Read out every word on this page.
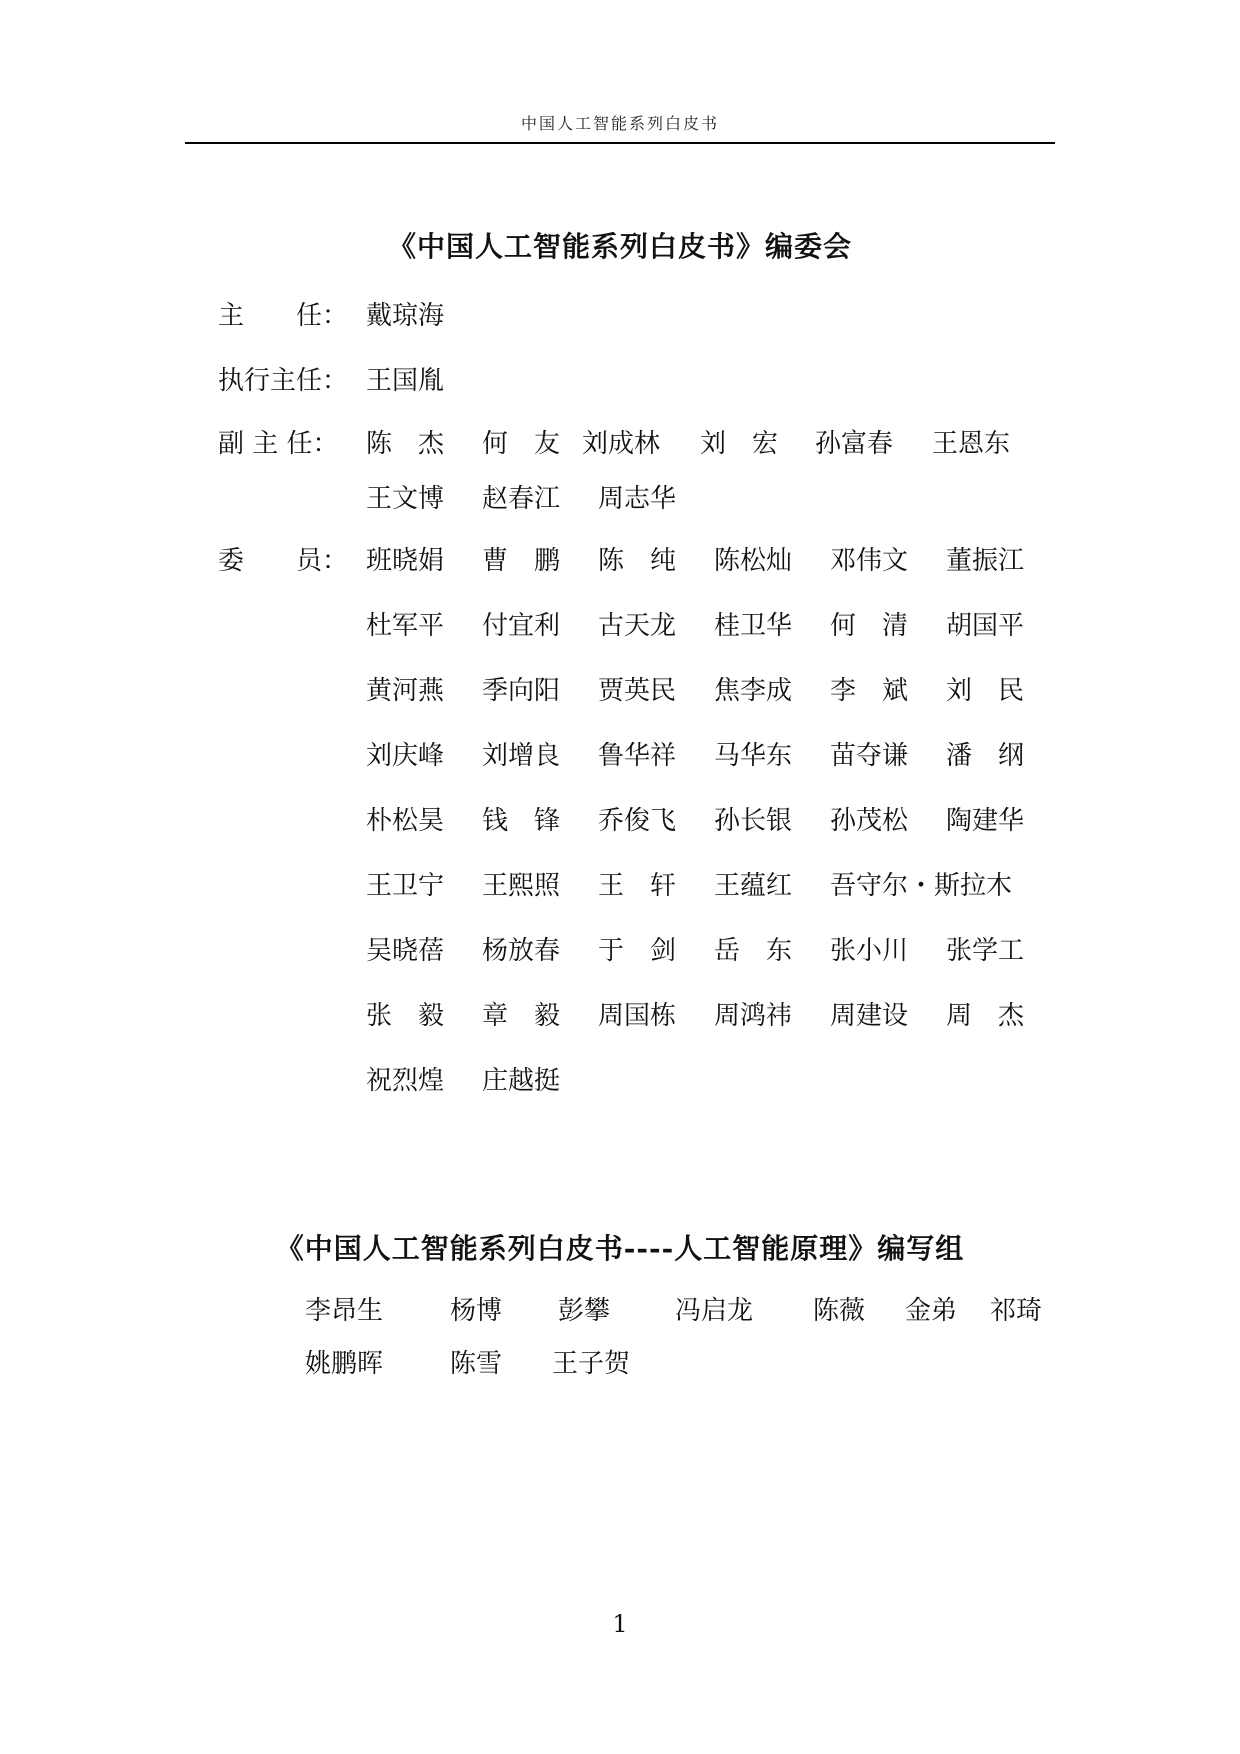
中国人工智能系列白皮书
《中国人工智能系列白皮书》编委会
主　　任： 戴琼海
执行主任： 王国胤
副 主 任：	陈　杰 何　友 刘成林 刘　宏 孙富春 王恩东
王文博 赵春江 周志华
委　　员： 班晓娟 曹　鹏 陈　纯 陈松灿 邓伟文 董振江
杜军平 付宜利 古天龙 桂卫华 何　清 胡国平
黄河燕 季向阳 贾英民 焦李成 李　斌 刘　民
刘庆峰 刘增良 鲁华祥 马华东 苗夺谦 潘　纲
朴松昊 钱　锋 乔俊飞 孙长银 孙茂松 陶建华
王卫宁 王熙照 王　轩 王蕴红 吾守尔・斯拉木
吴晓蓓 杨放春 于　剑 岳　东 张小川 张学工
张　毅 章　毅 周国栋 周鸿祎 周建设 周　杰
祝烈煌 庄越挺
《中国人工智能系列白皮书----人工智能原理》编写组
李昂生	杨博 彭攀 冯启龙 陈薇 金弟 祁琦
姚鹏晖	陈雪 王子贺
1
